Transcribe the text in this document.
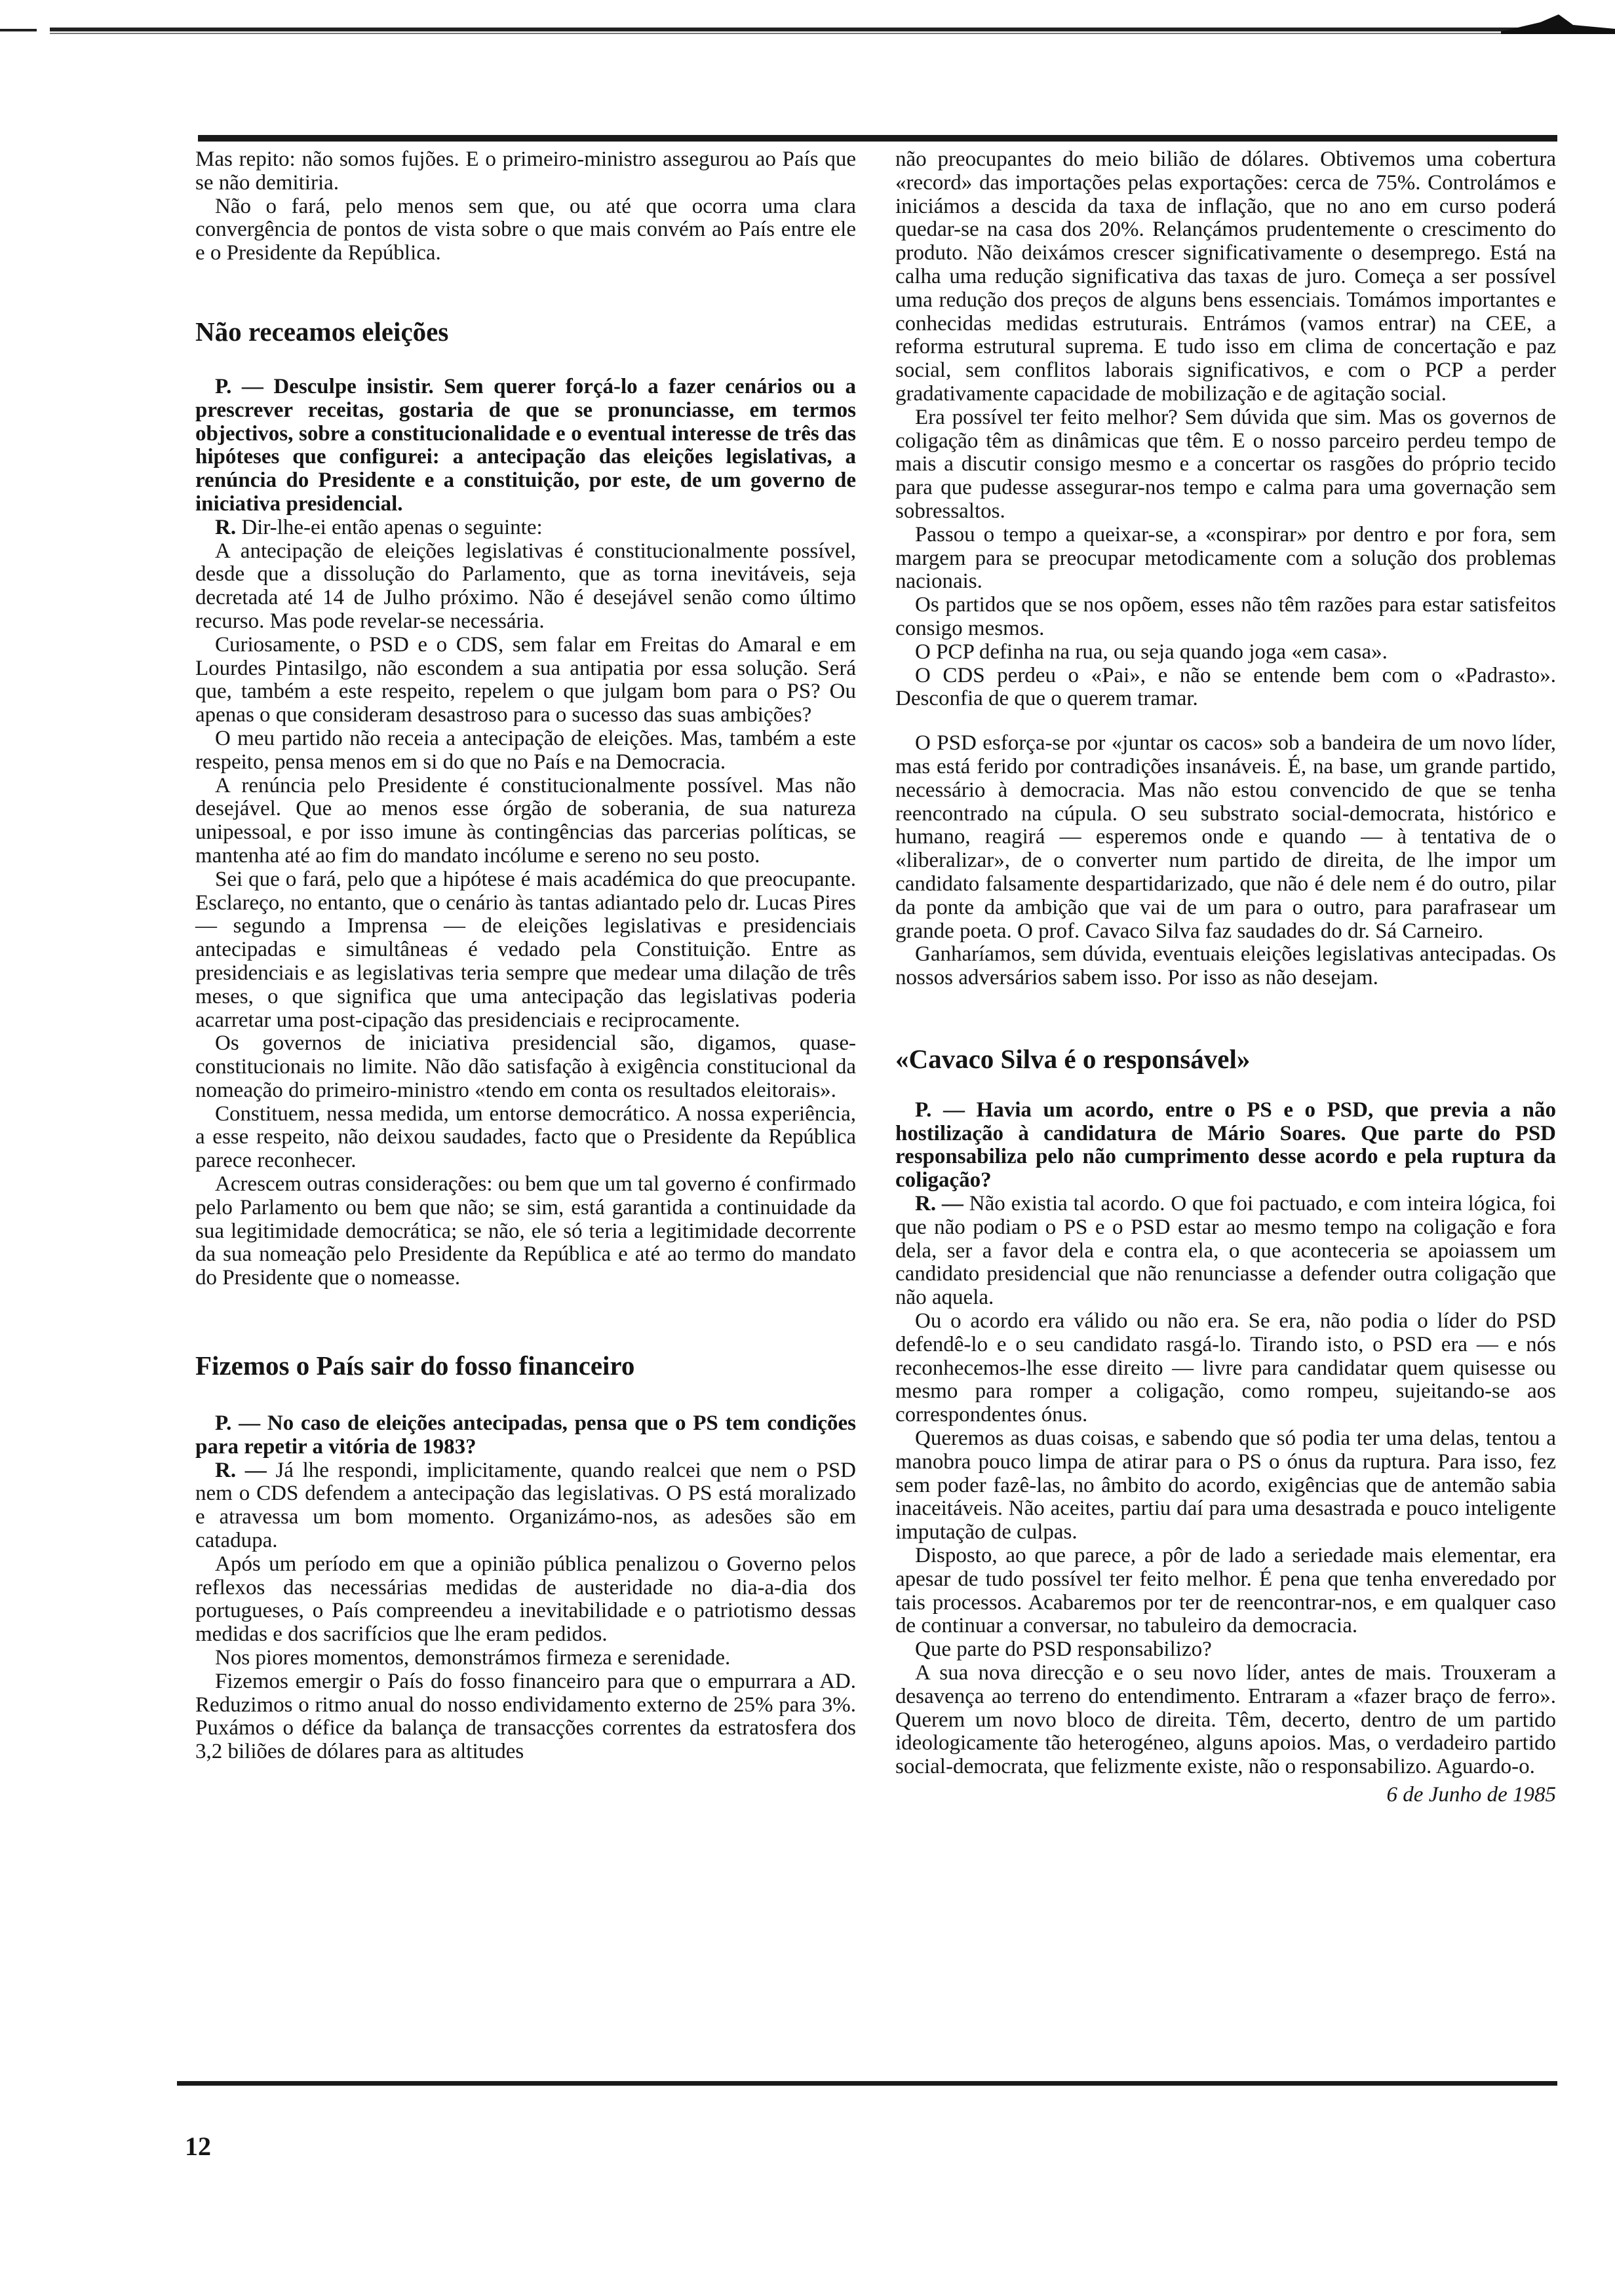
Mas repito: não somos fujões. E o primeiro-ministro assegurou ao País que se não demitiria.

Não o fará, pelo menos sem que, ou até que ocorra uma clara convergência de pontos de vista sobre o que mais convém ao País entre ele e o Presidente da República.

Não receamos eleições

P. — Desculpe insistir. Sem querer forçá-lo a fazer cenários ou a prescrever receitas, gostaria de que se pronunciasse, em termos objectivos, sobre a constitucionalidade e o eventual interesse de três das hipóteses que configurei: a antecipação das eleições legislativas, a renúncia do Presidente e a constituição, por este, de um governo de iniciativa presidencial.

R. Dir-lhe-ei então apenas o seguinte:

A antecipação de eleições legislativas é constitucionalmente possível, desde que a dissolução do Parlamento, que as torna inevitáveis, seja decretada até 14 de Julho próximo. Não é desejável senão como último recurso. Mas pode revelar-se necessária.

Curiosamente, o PSD e o CDS, sem falar em Freitas do Amaral e em Lourdes Pintasilgo, não escondem a sua antipatia por essa solução. Será que, também a este respeito, repelem o que julgam bom para o PS? Ou apenas o que consideram desastroso para o sucesso das suas ambições?

O meu partido não receia a antecipação de eleições. Mas, também a este respeito, pensa menos em si do que no País e na Democracia.

A renúncia pelo Presidente é constitucionalmente possível. Mas não desejável. Que ao menos esse órgão de soberania, de sua natureza unipessoal, e por isso imune às contingências das parcerias políticas, se mantenha até ao fim do mandato incólume e sereno no seu posto.

Sei que o fará, pelo que a hipótese é mais académica do que preocupante. Esclareço, no entanto, que o cenário às tantas adiantado pelo dr. Lucas Pires — segundo a Imprensa — de eleições legislativas e presidenciais antecipadas e simultâneas é vedado pela Constituição. Entre as presidenciais e as legislativas teria sempre que medear uma dilação de três meses, o que significa que uma antecipação das legislativas poderia acarretar uma post-cipação das presidenciais e reciprocamente.

Os governos de iniciativa presidencial são, digamos, quase-constitucionais no limite. Não dão satisfação à exigência constitucional da nomeação do primeiro-ministro «tendo em conta os resultados eleitorais».

Constituem, nessa medida, um entorse democrático. A nossa experiência, a esse respeito, não deixou saudades, facto que o Presidente da República parece reconhecer.

Acrescem outras considerações: ou bem que um tal governo é confirmado pelo Parlamento ou bem que não; se sim, está garantida a continuidade da sua legitimidade democrática; se não, ele só teria a legitimidade decorrente da sua nomeação pelo Presidente da República e até ao termo do mandato do Presidente que o nomeasse.

Fizemos o País sair do fosso financeiro

P. — No caso de eleições antecipadas, pensa que o PS tem condições para repetir a vitória de 1983?

R. — Já lhe respondi, implicitamente, quando realcei que nem o PSD nem o CDS defendem a antecipação das legislativas. O PS está moralizado e atravessa um bom momento. Organizámo-nos, as adesões são em catadupa.

Após um período em que a opinião pública penalizou o Governo pelos reflexos das necessárias medidas de austeridade no dia-a-dia dos portugueses, o País compreendeu a inevitabilidade e o patriotismo dessas medidas e dos sacrifícios que lhe eram pedidos.

Nos piores momentos, demonstrámos firmeza e serenidade.

Fizemos emergir o País do fosso financeiro para que o empurrara a AD. Reduzimos o ritmo anual do nosso endividamento externo de 25% para 3%. Puxámos o défice da balança de transacções correntes da estratosfera dos 3,2 biliões de dólares para as altitudes

não preocupantes do meio bilião de dólares. Obtivemos uma cobertura «record» das importações pelas exportações: cerca de 75%. Controlámos e iniciámos a descida da taxa de inflação, que no ano em curso poderá quedar-se na casa dos 20%. Relançámos prudentemente o crescimento do produto. Não deixámos crescer significativamente o desemprego. Está na calha uma redução significativa das taxas de juro. Começa a ser possível uma redução dos preços de alguns bens essenciais. Tomámos importantes e conhecidas medidas estruturais. Entrámos (vamos entrar) na CEE, a reforma estrutural suprema. E tudo isso em clima de concertação e paz social, sem conflitos laborais significativos, e com o PCP a perder gradativamente capacidade de mobilização e de agitação social.

Era possível ter feito melhor? Sem dúvida que sim. Mas os governos de coligação têm as dinâmicas que têm. E o nosso parceiro perdeu tempo de mais a discutir consigo mesmo e a concertar os rasgões do próprio tecido para que pudesse assegurar-nos tempo e calma para uma governação sem sobressaltos.

Passou o tempo a queixar-se, a «conspirar» por dentro e por fora, sem margem para se preocupar metodicamente com a solução dos problemas nacionais.

Os partidos que se nos opõem, esses não têm razões para estar satisfeitos consigo mesmos.

O PCP definha na rua, ou seja quando joga «em casa».

O CDS perdeu o «Pai», e não se entende bem com o «Padrasto». Desconfia de que o querem tramar.

O PSD esforça-se por «juntar os cacos» sob a bandeira de um novo líder, mas está ferido por contradições insanáveis. É, na base, um grande partido, necessário à democracia. Mas não estou convencido de que se tenha reencontrado na cúpula. O seu substrato social-democrata, histórico e humano, reagirá — esperemos onde e quando — à tentativa de o «liberalizar», de o converter num partido de direita, de lhe impor um candidato falsamente despartidarizado, que não é dele nem é do outro, pilar da ponte da ambição que vai de um para o outro, para parafrasear um grande poeta. O prof. Cavaco Silva faz saudades do dr. Sá Carneiro.

Ganharíamos, sem dúvida, eventuais eleições legislativas antecipadas. Os nossos adversários sabem isso. Por isso as não desejam.

«Cavaco Silva é o responsável»

P. — Havia um acordo, entre o PS e o PSD, que previa a não hostilização à candidatura de Mário Soares. Que parte do PSD responsabiliza pelo não cumprimento desse acordo e pela ruptura da coligação?

R. — Não existia tal acordo. O que foi pactuado, e com inteira lógica, foi que não podiam o PS e o PSD estar ao mesmo tempo na coligação e fora dela, ser a favor dela e contra ela, o que aconteceria se apoiassem um candidato presidencial que não renunciasse a defender outra coligação que não aquela.

Ou o acordo era válido ou não era. Se era, não podia o líder do PSD defendê-lo e o seu candidato rasgá-lo. Tirando isto, o PSD era — e nós reconhecemos-lhe esse direito — livre para candidatar quem quisesse ou mesmo para romper a coligação, como rompeu, sujeitando-se aos correspondentes ónus.

Queremos as duas coisas, e sabendo que só podia ter uma delas, tentou a manobra pouco limpa de atirar para o PS o ónus da ruptura. Para isso, fez sem poder fazê-las, no âmbito do acordo, exigências que de antemão sabia inaceitáveis. Não aceites, partiu daí para uma desastrada e pouco inteligente imputação de culpas.

Disposto, ao que parece, a pôr de lado a seriedade mais elementar, era apesar de tudo possível ter feito melhor. É pena que tenha enveredado por tais processos. Acabaremos por ter de reencontrar-nos, e em qualquer caso de continuar a conversar, no tabuleiro da democracia.

Que parte do PSD responsabilizo?

A sua nova direcção e o seu novo líder, antes de mais. Trouxeram a desavença ao terreno do entendimento. Entraram a «fazer braço de ferro». Querem um novo bloco de direita. Têm, decerto, dentro de um partido ideologicamente tão heterogéneo, alguns apoios. Mas, o verdadeiro partido social-democrata, que felizmente existe, não o responsabilizo. Aguardo-o.

6 de Junho de 1985
12
